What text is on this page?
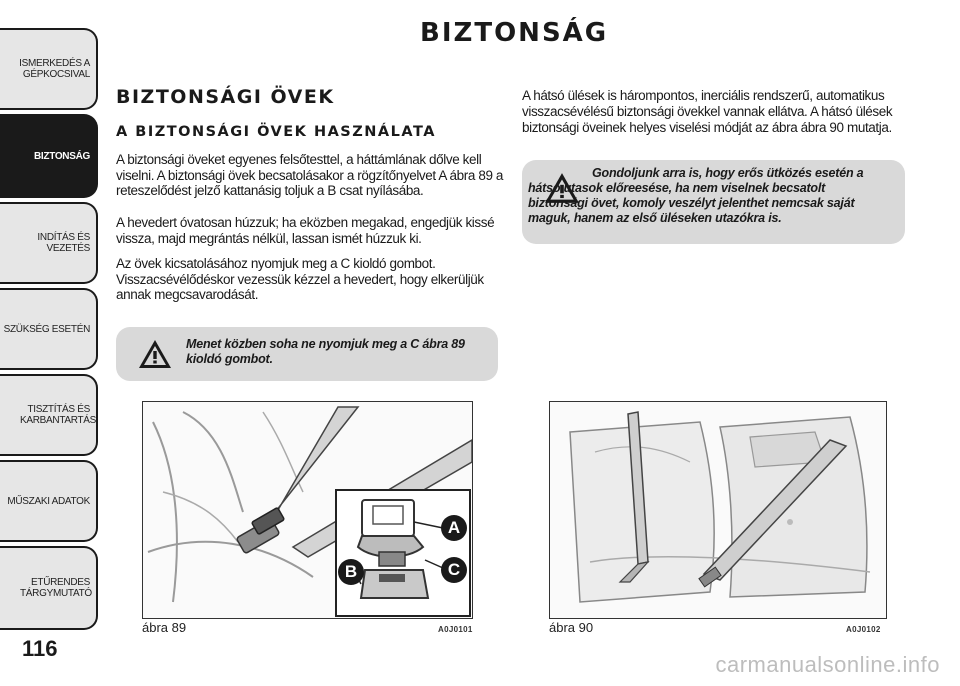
ISMERKEDÉS A GÉPKOCSIVAL
BIZTONSÁG
INDÍTÁS ÉS VEZETÉS
SZÜKSÉG ESETÉN
TISZTÍTÁS ÉS KARBANTARTÁS
MŰSZAKI ADATOK
ETŰRENDES TÁRGYMUTATÓ
116
BIZTONSÁG
BIZTONSÁGI ÖVEK
A BIZTONSÁGI ÖVEK HASZNÁLATA
A biztonsági öveket egyenes felsőtesttel, a háttámlának dőlve kell viselni. A biztonsági övek becsatolásakor a rögzítőnyelvet A ábra 89 a reteszelődést jelző kattanásig toljuk a B csat nyílásába.
A hevedert óvatosan húzzuk; ha eközben megakad, engedjük kissé vissza, majd megrántás nélkül, lassan ismét húzzuk ki.
Az övek kicsatolásához nyomjuk meg a C kioldó gombot. Visszacsévélődéskor vezessük kézzel a hevedert, hogy elkerüljük annak megcsavarodását.
Menet közben soha ne nyomjuk meg a C ábra 89 kioldó gombot.
A hátsó ülések is hárompontos, inerciális rendszerű, automatikus visszacsévélésű biztonsági övekkel vannak ellátva. A hátsó ülések biztonsági öveinek helyes viselési módját az ábra ábra 90 mutatja.
Gondoljunk arra is, hogy erős ütközés esetén a hátsó utasok előreesése, ha nem viselnek becsatolt biztonsági övet, komoly veszélyt jelenthet nemcsak saját maguk, hanem az első üléseken utazókra is.
A
B	C
ábra 89	A0J0101	ábra 90	A0J0102
carmanualsonline.info
